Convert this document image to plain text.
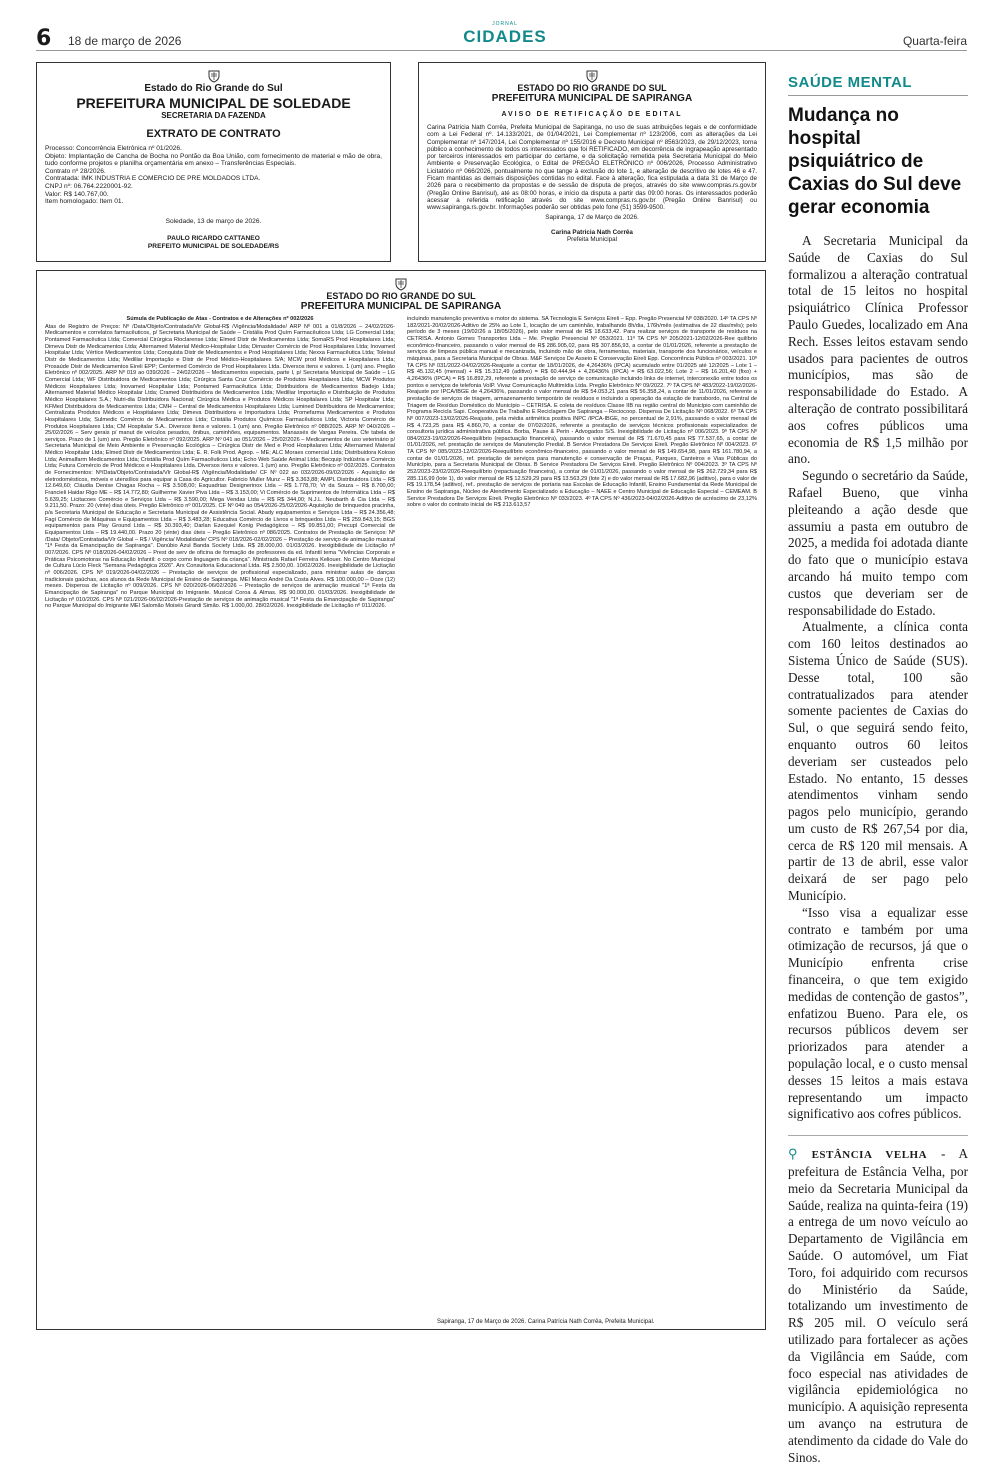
6 18 de março de 2026
JORNAL
CIDADES	Quarta-feira
Estado do Rio Grande do Sul
PREFEITURA MUNICIPAL DE SOLEDADE
SECRETARIA DA FAZENDA
EXTRATO DE CONTRATO

Processo: Concorrência Eletrônica nº 01/2026.

Objeto: Implantação de Cancha de Bocha no Pontão da Boa União, com fornecimento de material e mão de obra, tudo conforme projetos e planilha orçamentária em anexo – Transferências Especiais.

Contrato nº 28/2026.

Contratada: IMK INDUSTRIA E COMERCIO DE PRE MOLDADOS LTDA.

CNPJ nº: 06.764.2220001-92.

Valor: R$ 140.767,00.

Item homologado: Item 01.

Soledade, 13 de março de 2026.

PAULO RICARDO CATTANEO

PREFEITO MUNICIPAL DE SOLEDADE/RS

ESTADO DO RIO GRANDE DO SUL
PREFEITURA MUNICIPAL DE SAPIRANGA
AVISO DE RETIFICAÇÃO DE EDITAL

Carina Patrícia Nath Corrêa, Prefeita Municipal de Sapiranga, no uso de suas atribuições legais e de conformidade com a Lei Federal nº. 14.133/2021, de 01/04/2021, Lei Complementar nº 123/2006, com as alterações da Lei Complementar nº 147/2014, Lei Complementar nº 155/2016 e Decreto Municipal nº 8563/2023, de 29/12/2023, torna público a conhecimento de todos os interessados que foi RETIFICADO, em decorrência de ingrapeação apresentado por terceiros interessados em participar do certame, e da solicitação remetida pela Secretaria Municipal do Meio Ambiente e Preservação Ecológica, o Edital de PREGÃO ELETRÔNICO nº 006/2026, Processo Administrativo Licitatório nº 066/2026, pontualmente no que tange à exclusão do lote 1, e alteração de descritivo de lotes 46 e 47. Ficam mantidas as demais disposições contidas no edital. Face à alteração, fica estipulada a data 31 de Março de 2026 para o recebimento da propostas e de sessão de disputa de preços, através do site www.compras.rs.gov.br (Pregão Online Banrisul), até as 08:00 horas, e início da disputa a partir das 09:00 horas. Os interessados poderão acessar a referida retificação através do site www.compras.rs.gov.br (Pregão Online Banrisul) ou www.sapiranga.rs.gov.br. Informações poderão ser obtidas pelo fone (51) 3599-9500.

Sapiranga, 17 de Março de 2026.

Carina Patricia Nath Corrêa

Prefeita Municipal

ESTADO DO RIO GRANDE DO SUL
PREFEITURA MUNICIPAL DE SAPIRANGA

Súmula de Publicação de Atas - Contratos e de Alterações nº 002/2026

Atas de Registro de Preços: Nº /Data/Objeto/Contratada/Vlr Global-R$ /Vigência/Modalidade/ ARP Nº 001 a 01/8/2026 – 24/02/2026-Medicamentos e correlatos farmacêuticos, p/ Secretaria Municipal de Saúde – Cristália Prod Quím Farmacêuticos Ltda; LG Comercial Ltda; Pontamed Farmacêutica Ltda; Comercial Cirúrgica Rioclarense Ltda; Elmed Distr de Medicamentos Ltda; SomaRS Prod Hospitalares Ltda; Dimeva Distr de Medicamentos Ltda; Alternamed Material Médico-Hospitalar Ltda; Dimaster Comércio de Prod Hospitalares Ltda; Inovamed Hospitalar Ltda; Vértice Medicamentos Ltda; Conquista Distr de Medicamentos e Prod Hospitalares Ltda; Nexxa Farmacêutica Ltda; Toleisul Distr de Medicamentos Ltda; Mediliar Importação e Distr de Prod Médico-Hospitalares S/A; MCW prod Médicos e Hospitalares Ltda; Prosaúde Distr de Medicamentos Eireli EPP; Centermed Comércio de Prod Hospitalares Ltda. Diversos itens e valores. 1 (um) ano. Pregão Eletrônico nº 002/2025. ARP Nº 019 ao 039/2026 – 24/02/2026 – Medicamentos especiais, parte I, p/ Secretaria Municipal de Saúde – LG Comercial Ltda; WF Distribuidora de Medicamentos Ltda; Cirúrgica Santa Cruz Comércio de Produtos Hospitalares Ltda; MCW Produtos Médicos Hospitalares Ltda; Inovamed Hospitalar Ltda; Pontamed Farmacêutica Ltda; Distribuidora de Medicamentos Badejo Ltda; Alternamed Material Médico Hospitalar Ltda; Cramed Distribuidora de Medicamentos Ltda; Mediliar Importação e Distribuição de Produtos Médico Hospitalares S.A.; Nutri-dia Distribuidora Nacional; Cirúrgica Médica e Produtos Médicos Hospitalares Ltda; SP Hospitalar Ltda; KFMed Distribuidora de Medicamentos Ltda; CMH – Central de Medicamentos Hospitalares Ltda; Lumined Distribuidora de Medicamentos; Centralizata Produtos Médicos e Hospitalares Ltda; Dimeva Distribuidora e Importadora Ltda; Promefarma Medicamentos e Produtos Hospitalares Ltda; Sulmedic Comércio de Medicamentos Ltda; Cristália Produtos Químicos Farmacêuticos Ltda; Victoria Comércio de Produtos Hospitalares Ltda; CM Hospitalar S.A.. Diversos itens e valores. 1 (um) ano. Pregão Eletrônico nº 088/2025. ARP Nº 040/2026 – 25/02/2026 – Serv gerais p/ manut de veículos pesados, ônibus, caminhões, equipamentos. Manassés de Vargas Pereira. Cfe tabela de serviços. Prazo de 1 (um) ano. Pregão Eletrônico nº 092/2025. ARP Nº 041 ao 051/2026 – 25/02/2026 – Medicamentos de uso veterinário p/ Secretaria Municipal de Meio Ambiente e Preservação Ecológica – Cirúrgica Distr de Med e Prod Hospitalares Ltda; Alternamed Material Médico Hospitalar Ltda; Elmed Distr de Medicamentos Ltda; E. R. Folk Prod. Agrop. – ME; ALC Moraes comercial Ltda; Distribuidora Koloso Ltda; Animalfarm Medicamentos Ltda; Cristália Prod Quím Farmacêuticos Ltda; Echo Web Saúde Animal Ltda; Becquip Indústria e Comércio Ltda; Futura Comércio de Prod Médicos e Hospitalares Ltda. Diversos itens e valores. 1 (um) ano. Pregão Eletrônico nº 002/2025. Contratos de Fornecimentos: Nº/Data/Objeto/Contratada/Vlr Global-R$ /Vigência/Modalidade/ CF Nº 022 ao 032/2026-09/02/2026 - Aquisição de eletrodomésticos, móveis e utensílios para equipar a Casa do Agricultor. Fabricio Muller Munz – R$ 3.363,88; AMPL Distribuidora Ltda – R$ 12.649,60; Cláudia Denise Chagas Rocha – R$ 3.508,00; Esquadrias Designerinox Ltda – R$ 1.778,70; Vr da Souza – R$ 8.700,00; Francieli Haidar Rigo ME – R$ 14.772,80; Guilherme Xavier Piva Ltda – R$ 3.153,00; Vi Comércio de Suprimentos de Informática Ltda – R$ 5.639,25; Licitacoes Comércio e Serviços Ltda – R$ 3.590,00; Mega Vendas Ltda – R$ R$ 344,00; N.J.L. Neubarth & Cia Ltda – R$ 9.211,50. Prazo: 20 (vinte) dias úteis. Pregão Eletrônico nº 001/2025. CF Nº 049 ao 054/2026-25/02/2026-Aquisição de brinquedos pracinha, p/a Secretaria Municipal de Educação e Secretaria Municipal de Assistência Social. Abady equipamentos e Serviços Ltda – R$ 24.356,48; Fagi Comércio de Máquinas e Equipamentos Ltda – R$ 3.483,28; Educativa Comércio de Livros e brinquedos Ltda – R$ 259.843,15; BGS equipamentos para Play Ground Ltda – R$ 30.393,40; Darlan Ezequiel Konig Pedagógicos – R$ 99.851,00; Precupl Comercial de Equipamentos Ltda – R$ 19.440,00. Prazo 20 (vinte) dias úteis – Pregão Eletrônico nº 086/2025. Contratos de Prestação de Serviços: Nº /Data/ Objeto/Contratada/Vlr Global – R$ / Vigência/ Modalidade/ CPS Nº 018/2026-02/02/2026 – Prestação de serviço de animação musical "1ª Festa da Emancipação de Sapiranga". Danúbio Azul Banda Society Ltda. R$ 28.000,00. 01/03/2026. Inexigibilidade de Licitação nº 007/2026. CPS Nº 018/2026-04/02/2026 – Prest de serv de oficina de formação de professores da ed. Infantil tema "Vivências Corporais e Práticas Psicomotoras na Educação Infantil: o corpo como linguagem da criança". Ministrada Rafael Ferreira Keliouer. No Centro Municipal de Cultura Lúcio Fleck "Semana Pedagógica 2026". Arx Consultoria Educacional Ltda. R$ 2.500,00. 10/02/2026. Inexigibilidade de Licitação nº 006/2026. CPS Nº 019/2026-04/02/2026 – Prestação de serviços de profissional especializado, para ministrar aulas de danças tradicionais gaúchas, aos alunos da Rede Municipal de Ensino de Sapiranga. MEI Marco André Da Costa Alves. R$ 100.000,00 – Doze (12) meses. Dispensa de Licitação nº 009/2026. CPS Nº 020/2026-06/02/2026 – Prestação de serviços de animação musical "1ª Festa da Emancipação de Sapiranga" no Parque Municipal do Imigrante. Musical Coroa & Almas. R$ 90.000,00. 01/03/2026. Inexigibilidade de Licitação nº 010/2026. CPS Nº 021/2026-06/02/2026-Prestação de serviços de animação musical "1ª Festa da Emancipação de Sapiranga" no Parque Municipal do Imigrante MEI Salomão Moisés Girardi Simão. R$ 1.000,00. 28/02/2026. Inexigibilidade de Licitação nº 011/2026.

incluindo manutenção preventiva e motor do sistema. SA Tecnologia E Serviços Eireli – Epp. Pregão Presencial Nº 038/2020. 14º TA CPS Nº 182/2021-20/02/2026-Aditivo de 25% ao Lote 1, locação de um caminhão, trabalhando 8h/dia, 176h/mês (estimativa de 22 dias/mês); pelo período de 3 meses (19/02/26 a 18/05/2026), pelo valor mensal de R$ 18.633,42. Para realizar serviços de transporte de resíduos na CETRISA. Antonio Gomes Transportes Ltda – Me. Pregão Presencial Nº 053/2021. 11º TA CPS Nº 205/2021-12/02/2026-Ree quilíbrio econômico-financeiro, passando o valor mensal de R$ 286.905,02, para R$ 307.856,93, a contar de 01/01/2026, referente a prestação de serviços de limpeza pública manual e mecanizada, incluindo mão de obra, ferramentas, materiais, transporte dos funcionários, veículos e máquinas, para a Secretaria Municipal de Obras. M&F Serviços De Asseio E Conservação Eireli Epp. Concorrência Pública nº 003/2021. 10º TA CPS Nº 031/2022-04/02/2026-Reajuste a contar de 18/01/2026, de 4,26436% (IPCA) acumulado entre 01/2025 até 12/2025 – Lote 1 – R$ 45.132,45 (mensal) + R$ 15.312,49 (aditivo) = R$ 60.444,94 + 4,26436% (IPCA) = R$ 63.022,56; Lote 2 – R$ 16.201,40 (fixo) + 4,26436% (IPCA) = R$ 16.892,29, referente a prestação de serviço de comunicação incluindo links de internet, interconexão entre todos os pontos e serviços de telefonia VoIP. Vivaz Comunicação Multimídia Ltda. Pregão Eletrônico Nº 09/2022. 7º TA CPS Nº 483/2022-19/02/2026-Reajuste por IPCA/IBGE de 4,26436%, passando o valor mensal de R$ 54.053,21 para R$ 56.358,24, a contar de 11/01/2026, referente a prestação de serviços de triagem, armazenamento temporário de resíduos e incluindo a operação da estação de transbordo, na Central de Triagem de Resíduo Doméstico do Município – CETRISA. E coleta de resíduos Classe IIB na região central do Município com caminhão de Programa Recicla Sapi. Cooperativa De Trabalho E Reciclagem De Sapiranga – Reciocoop. Dispensa De Licitação Nº 068/2022. 6º TA CPS Nº 007/2023-13/02/2026-Reajuste, pela média aritmética positiva INPC /IPCA-IBGE, no percentual de 2,91%, passando o valor mensal de R$ 4.723,25 para R$ 4.860,70, a contar de 07/02/2026, referente a prestação de serviços técnicos profissionais especializados de consultoria jurídica administrativa pública. Borba, Pause & Perin - Advogados S/S. Inexigibilidade de Licitação nº 006/2023. 9º TA CPS Nº 084/2023-19/02/2026-Reequilíbrio (repactuação financeira), passando o valor mensal de R$ 71.670,45 para R$ 77.537,65, a contar de 01/01/2026, ref. prestação de serviços de Manutenção Predial. B Service Prestadora De Serviços Eireli. Pregão Eletrônico Nº 004/2023. 6º TA CPS Nº 085/2023-12/02/2026-Reequilíbrio econômico-financeiro, passando o valor mensal de R$ 149.654,98, para R$ 161.780,94, a contar de 01/01/2026, ref. prestação de serviços para manutenção e conservação de Praças, Parques, Canteiros e Vias Públicas do Município, para a Secretaria Municipal de Obras. B Service Prestadora De Serviços Eireli. Pregão Eletrônico Nº 004/2023. 3º TA CPS Nº 252/2023-23/02/2026-Reequilíbrio (repactuação financeira), a contar de 01/01/2026, passando o valor mensal de R$ 262.729,34 para R$ 285.116,99 (lote 1), do valor mensal de R$ 12.529,29 para R$ 13.563,29 (lote 2) e do valor mensal de R$ 17.682,96 (aditivo), para o valor de R$ 19.178,54 (aditivo), ref.. prestação de serviços de portaria nas Escolas de Educação Infantil, Ensino Fundamental da Rede Municipal de Ensino de Sapiranga, Núcleo de Atendimento Especializado a Educação – NAEE e Centro Municipal de Educação Especial – CEMEAM. B Service Prestadora De Serviços Eireli. Pregão Eletrônico Nº 033/2023. 4º TA CPS Nº 436/2023-04/02/2026-Aditivo de acréscimo de 23,12% sobre o valor do contrato inicial de R$ 213.613,57

Sapiranga, 17 de Março de 2026. Carina Patrícia Nath Corrêa, Prefeita Municipal.
SAÚDE MENTAL
Mudança no hospital psiquiátrico de Caxias do Sul deve gerar economia

A Secretaria Municipal da Saúde de Caxias do Sul formalizou a alteração contratual total de 15 leitos no hospital psiquiátrico Clínica Professor Paulo Guedes, localizado em Ana Rech. Esses leitos estavam sendo usados para pacientes de outros municípios, mas são de responsabilidade do Estado. A alteração de contrato possibilitará aos cofres públicos uma economia de R$ 1,5 milhão por ano.

Segundo o secretário da Saúde, Rafael Bueno, que vinha pleiteando a ação desde que assumiu a pasta em outubro de 2025, a medida foi adotada diante do fato que o município estava arcando há muito tempo com custos que deveriam ser de responsabilidade do Estado.

Atualmente, a clínica conta com 160 leitos destinados ao Sistema Único de Saúde (SUS). Desse total, 100 são contratualizados para atender somente pacientes de Caxias do Sul, o que seguirá sendo feito, enquanto outros 60 leitos deveriam ser custeados pelo Estado. No entanto, 15 desses atendimentos vinham sendo pagos pelo município, gerando um custo de R$ 267,54 por dia, cerca de R$ 120 mil mensais. A partir de 13 de abril, esse valor deixará de ser pago pelo Município.

“Isso visa a equalizar esse contrato e também por uma otimização de recursos, já que o Município enfrenta crise financeira, o que tem exigido medidas de contenção de gastos”, enfatizou Bueno. Para ele, os recursos públicos devem ser priorizados para atender a população local, e o custo mensal desses 15 leitos a mais estava representando um impacto significativo aos cofres públicos.

⚲ ESTÂNCIA VELHA - A prefeitura de Estância Velha, por meio da Secretaria Municipal da Saúde, realiza na quinta-feira (19) a entrega de um novo veículo ao Departamento de Vigilância em Saúde. O automóvel, um Fiat Toro, foi adquirido com recursos do Ministério da Saúde, totalizando um investimento de R$ 205 mil. O veículo será utilizado para fortalecer as ações da Vigilância em Saúde, com foco especial nas atividades de vigilância epidemiológica no município. A aquisição representa um avanço na estrutura de atendimento da cidade do Vale do Sinos.
